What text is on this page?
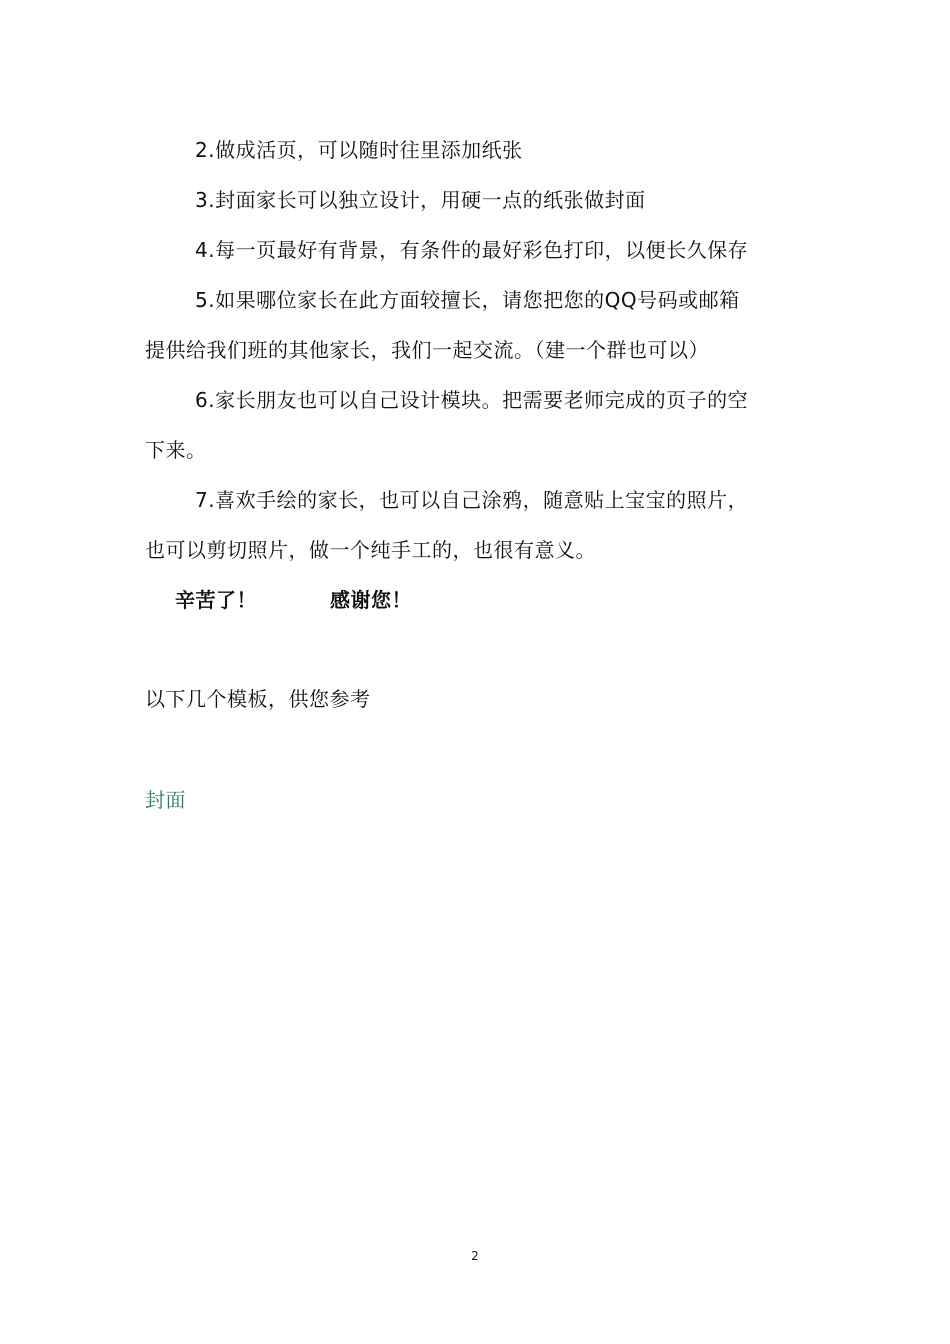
2.做成活页，可以随时往里添加纸张
3.封面家长可以独立设计，用硬一点的纸张做封面
4.每一页最好有背景，有条件的最好彩色打印，以便长久保存
5.如果哪位家长在此方面较擅长，请您把您的QQ号码或邮箱
提供给我们班的其他家长，我们一起交流。（建一个群也可以）
6.家长朋友也可以自己设计模块。把需要老师完成的页子的空
下来。
7.喜欢手绘的家长，也可以自己涂鸦，随意贴上宝宝的照片，
也可以剪切照片，做一个纯手工的，也很有意义。
辛苦了！	感谢您！
以下几个模板，供您参考
封面
2
